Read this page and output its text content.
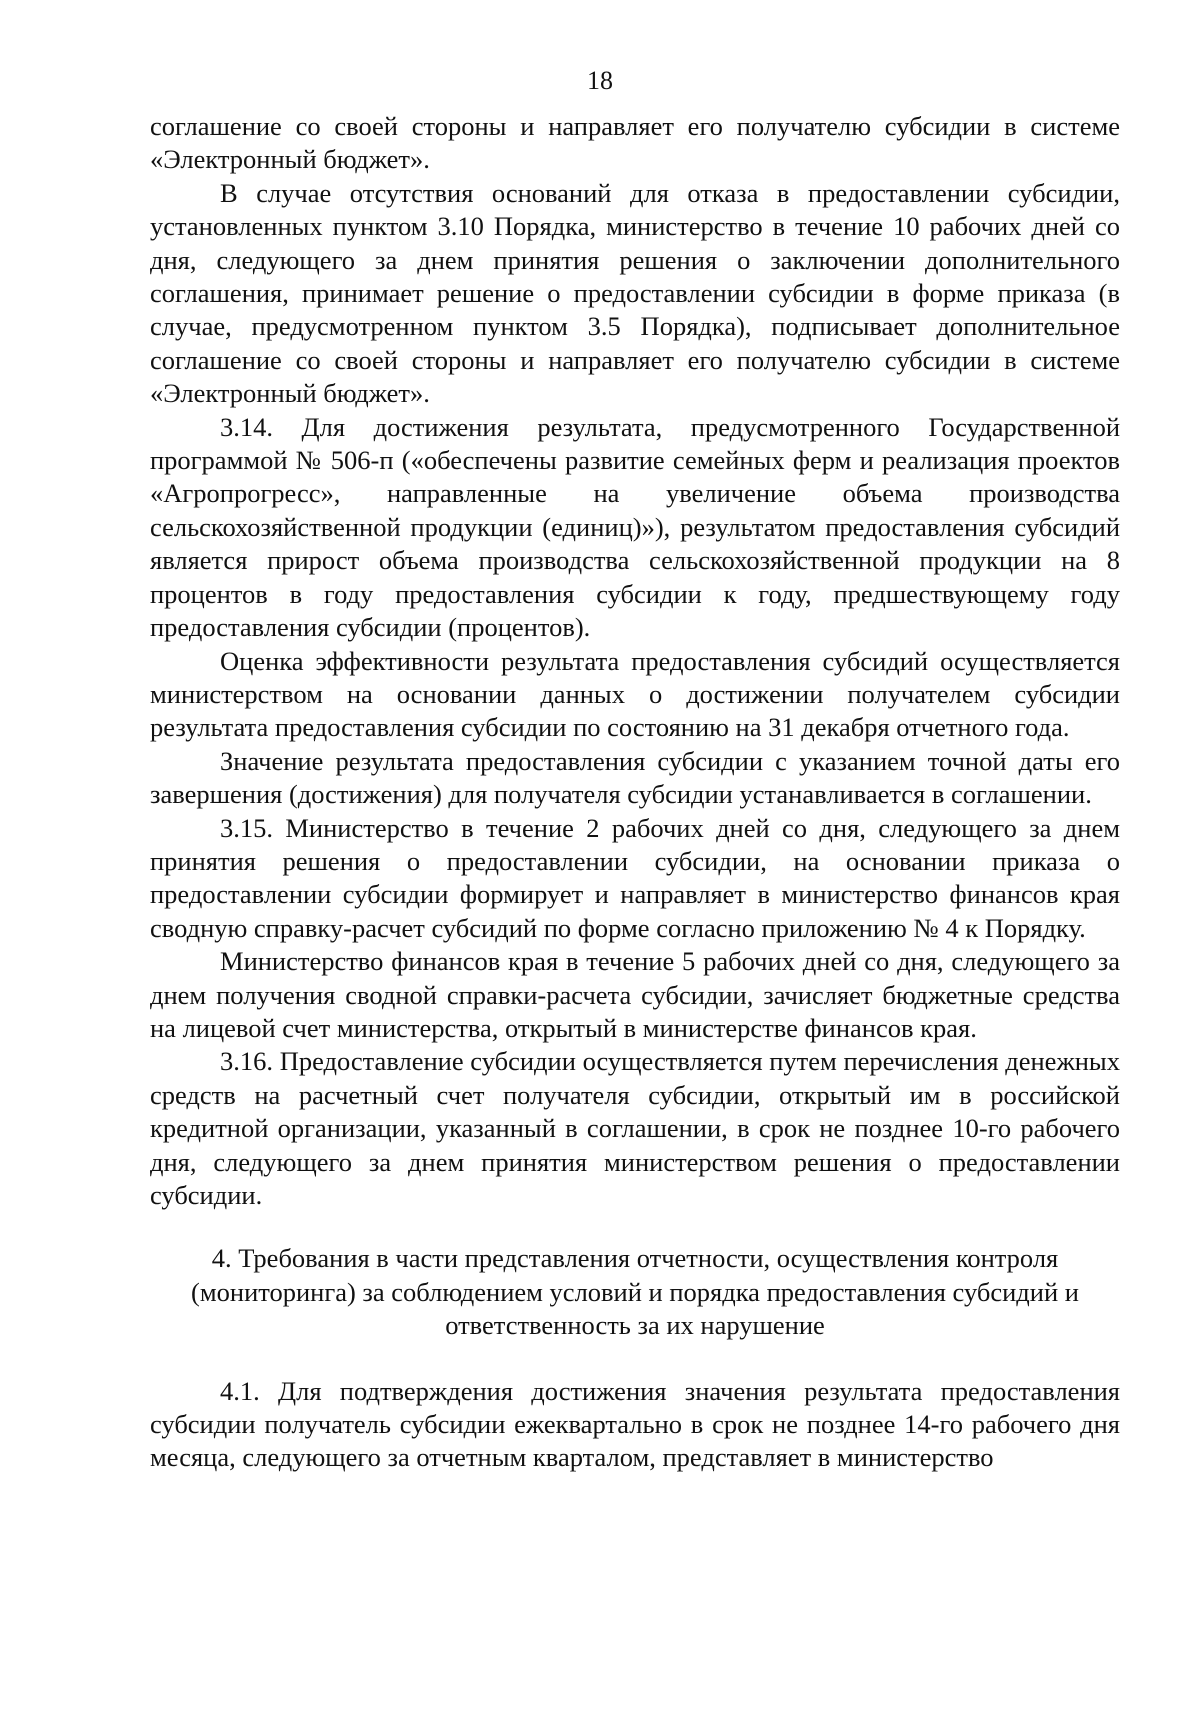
18

соглашение со своей стороны и направляет его получателю субсидии в системе «Электронный бюджет».

В случае отсутствия оснований для отказа в предоставлении субсидии, установленных пунктом 3.10 Порядка, министерство в течение 10 рабочих дней со дня, следующего за днем принятия решения о заключении дополнительного соглашения, принимает решение о предоставлении субсидии в форме приказа (в случае, предусмотренном пунктом 3.5 Порядка), подписывает дополнительное соглашение со своей стороны и направляет его получателю субсидии в системе «Электронный бюджет».

3.14. Для достижения результата, предусмотренного Государственной программой № 506-п («обеспечены развитие семейных ферм и реализация проектов «Агропрогресс», направленные на увеличение объема производства сельскохозяйственной продукции (единиц)»), результатом предоставления субсидий является прирост объема производства сельскохозяйственной продукции на 8 процентов в году предоставления субсидии к году, предшествующему году предоставления субсидии (процентов).

Оценка эффективности результата предоставления субсидий осуществляется министерством на основании данных о достижении получателем субсидии результата предоставления субсидии по состоянию на 31 декабря отчетного года.

Значение результата предоставления субсидии с указанием точной даты его завершения (достижения) для получателя субсидии устанавливается в соглашении.

3.15. Министерство в течение 2 рабочих дней со дня, следующего за днем принятия решения о предоставлении субсидии, на основании приказа о предоставлении субсидии формирует и направляет в министерство финансов края сводную справку-расчет субсидий по форме согласно приложению № 4 к Порядку.

Министерство финансов края в течение 5 рабочих дней со дня, следующего за днем получения сводной справки-расчета субсидии, зачисляет бюджетные средства на лицевой счет министерства, открытый в министерстве финансов края.

3.16. Предоставление субсидии осуществляется путем перечисления денежных средств на расчетный счет получателя субсидии, открытый им в российской кредитной организации, указанный в соглашении, в срок не позднее 10-го рабочего дня, следующего за днем принятия министерством решения о предоставлении субсидии.

4. Требования в части представления отчетности, осуществления контроля (мониторинга) за соблюдением условий и порядка предоставления субсидий и ответственность за их нарушение

4.1. Для подтверждения достижения значения результата предоставления субсидии получатель субсидии ежеквартально в срок не позднее 14-го рабочего дня месяца, следующего за отчетным кварталом, представляет в министерство
